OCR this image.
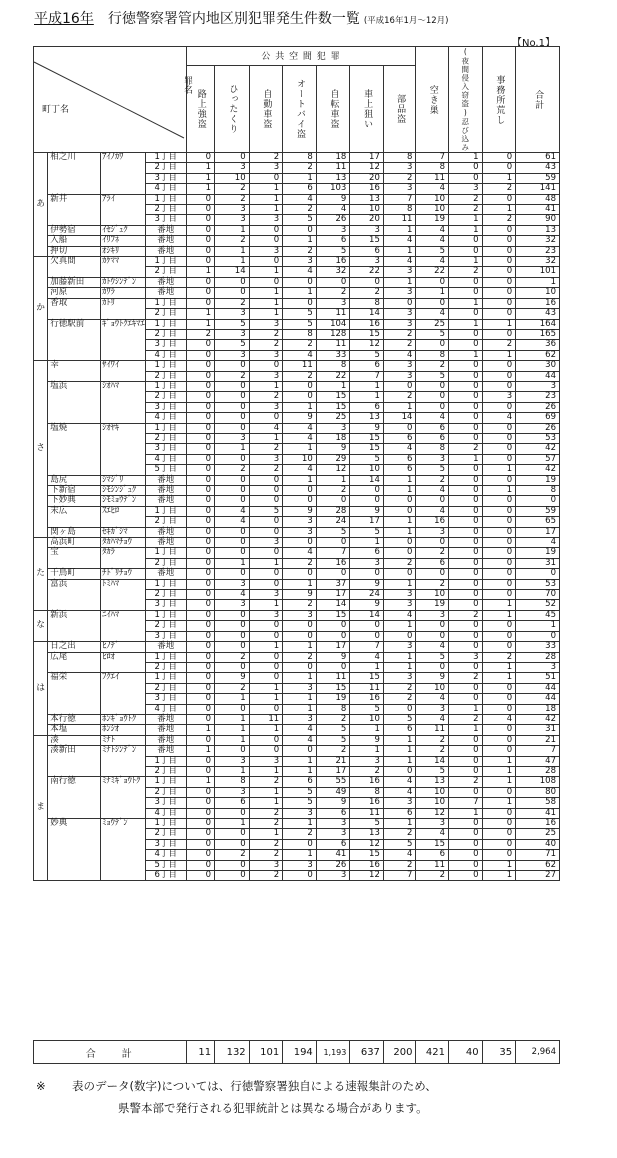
平成16年 行徳警察署管内地区別犯罪発生件数一覧 (平成16年1月～12月)
【No.1】
町丁名
罪名				公 共 空 間 犯 罪							空き巣	(夜間侵入窃盗)忍び込み	事務所荒し	合計

				路上強盗	ひったくり	自動車盗	オートバイ盗	自転車盗	車上狙い	部品盗				

あ	相之川	ｱｲﾉｶﾜ	1丁目	0	0	2	8	18	17	8	7	1	0	61
			2丁目	1	3	3	2	11	12	3	8	0	0	43
			3丁目	1	10	0	1	13	20	2	11	0	1	59
			4丁目	1	2	1	6	103	16	3	4	3	2	141
	新井	ｱﾗｲ	1丁目	0	2	1	4	9	13	7	10	2	0	48
			2丁目	0	3	1	2	4	10	8	10	2	1	41
			3丁目	0	3	3	5	26	20	11	19	1	2	90
	伊勢宿	ｲｾｼﾞｭｸ	番地	0	1	0	0	3	3	1	4	1	0	13
	入船	ｲﾘﾌﾈ	番地	0	2	0	1	6	15	4	4	0	0	32
	押切	ｵｼｷﾘ	番地	0	1	3	2	5	6	1	5	0	0	23
か	欠真間	ｶｹﾏﾏ	1丁目	0	1	0	3	16	3	4	4	1	0	32
			2丁目	1	14	1	4	32	22	3	22	2	0	101
	加藤新田	ｶﾄｳｼﾝﾃﾞﾝ	番地	0	0	0	0	0	0	1	0	0	0	1
	河原	ｶﾜﾗ	番地	0	0	1	1	2	2	3	1	0	0	10
	香取	ｶﾄﾘ	1丁目	0	2	1	0	3	8	0	0	1	0	16
			2丁目	1	3	1	5	11	14	3	4	0	0	43
	行徳駅前	ｷﾞｮｳﾄｸｴｷﾏｴ	1丁目	1	5	3	5	104	16	3	25	1	1	164
			2丁目	2	3	2	8	128	15	2	5	0	0	165
			3丁目	0	5	2	2	11	12	2	0	0	2	36
			4丁目	0	3	3	4	33	5	4	8	1	1	62
さ	幸	ｻｲﾜｲ	1丁目	0	0	0	11	8	6	3	2	0	0	30
			2丁目	0	2	3	2	22	7	3	5	0	0	44
	塩浜	ｼｵﾊﾏ	1丁目	0	0	1	0	1	1	0	0	0	0	3
			2丁目	0	0	2	0	15	1	2	0	0	3	23
			3丁目	0	0	3	1	15	6	1	0	0	0	26
			4丁目	0	0	0	9	25	13	14	4	0	4	69
	塩焼	ｼｵﾔｷ	1丁目	0	0	4	4	3	9	0	6	0	0	26
			2丁目	0	3	1	4	18	15	6	6	0	0	53
			3丁目	0	1	2	1	9	15	4	8	2	0	42
			4丁目	0	0	3	10	29	5	6	3	1	0	57
			5丁目	0	2	2	4	12	10	6	5	0	1	42
	島尻	ｼﾏｼﾞﾘ	番地	0	0	0	1	1	14	1	2	0	0	19
	下新宿	ｼﾓｼﾝｼﾞｭｸ	番地	0	0	0	0	2	0	1	4	0	1	8
	下妙典	ｼﾓﾐｮｳﾃﾞﾝ	番地	0	0	0	0	0	0	0	0	0	0	0
	末広	ｽｴﾋﾛ	1丁目	0	4	5	9	28	9	0	4	0	0	59
			2丁目	0	4	0	3	24	17	1	16	0	0	65
	関ヶ島	ｾｷｶﾞｼﾏ	番地	0	0	0	3	5	5	1	3	0	0	17
た	高浜町	ﾀｶﾊﾏﾁｮｳ	番地	0	0	3	0	0	1	0	0	0	0	4
	宝	ﾀｶﾗ	1丁目	0	0	0	4	7	6	0	2	0	0	19
			2丁目	0	1	1	2	16	3	2	6	0	0	31
	千鳥町	ﾁﾄﾞﾘﾁｮｳ	番地	0	0	0	0	0	0	0	0	0	0	0
	富浜	ﾄﾐﾊﾏ	1丁目	0	3	0	1	37	9	1	2	0	0	53
			2丁目	0	4	3	9	17	24	3	10	0	0	70
			3丁目	0	3	1	2	14	9	3	19	0	1	52
な	新浜	ﾆｲﾊﾏ	1丁目	0	0	3	3	15	14	4	3	2	1	45
			2丁目	0	0	0	0	0	0	1	0	0	0	1
			3丁目	0	0	0	0	0	0	0	0	0	0	0
は	日之出	ﾋﾉﾃﾞ	番地	0	0	1	1	17	7	3	4	0	0	33
	広尾	ﾋﾛｵ	1丁目	0	2	0	2	9	4	1	5	3	2	28
			2丁目	0	0	0	0	0	1	1	0	0	1	3
	福栄	ﾌｸｴｲ	1丁目	0	9	0	1	11	15	3	9	2	1	51
			2丁目	0	2	1	3	15	11	2	10	0	0	44
			3丁目	0	1	1	1	19	16	2	4	0	0	44
			4丁目	0	0	0	1	8	5	0	3	1	0	18
	本行徳	ﾎﾝｷﾞｮｳﾄｸ	番地	0	1	11	3	2	10	5	4	2	4	42
	本塩	ﾎﾝｼｵ	番地	1	1	1	4	5	1	6	11	1	0	31
ま	湊	ﾐﾅﾄ	番地	0	1	0	4	5	9	1	2	0	0	21
	湊新田	ﾐﾅﾄｼﾝﾃﾞﾝ	番地	1	0	0	0	2	1	1	2	0	0	7
			1丁目	0	3	3	1	21	3	1	14	0	1	47
			2丁目	0	1	1	1	17	2	0	5	0	1	28
	南行徳	ﾐﾅﾐｷﾞｮｳﾄｸ	1丁目	1	8	2	6	55	16	4	13	2	1	108
			2丁目	0	3	1	5	49	8	4	10	0	0	80
			3丁目	0	6	1	5	9	16	3	10	7	1	58
			4丁目	0	0	2	3	6	11	6	12	1	0	41
	妙典	ﾐｮｳﾃﾞﾝ	1丁目	0	1	2	1	3	5	1	3	0	0	16
			2丁目	0	0	1	2	3	13	2	4	0	0	25
			3丁目	0	0	2	0	6	12	5	15	0	0	40
			4丁目	0	2	2	1	41	15	4	6	0	0	71
			5丁目	0	0	3	3	26	16	2	11	0	1	62
			6丁目	0	0	2	0	3	12	7	2	0	1	27
合　　計	11	132	101	194	1,193	637	200	421	40	35	2,964
※ 表のデータ(数字)については、行徳警察署独自による速報集計のため、
県警本部で発行される犯罪統計とは異なる場合があります。
